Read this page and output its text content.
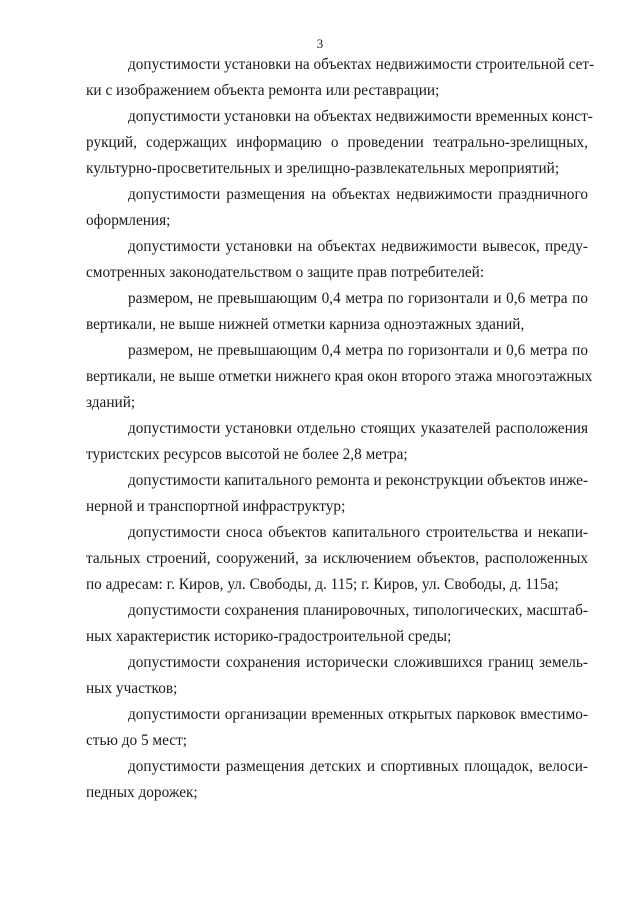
3
допустимости установки на объектах недвижимости строительной сет-
ки с изображением объекта ремонта или реставрации;
допустимости установки на объектах недвижимости временных конст-
рукций, содержащих информацию о проведении театрально-зрелищных,
культурно-просветительных и зрелищно-развлекательных мероприятий;
допустимости размещения на объектах недвижимости праздничного
оформления;
допустимости установки на объектах недвижимости вывесок, преду-
смотренных законодательством о защите прав потребителей:
размером, не превышающим 0,4 метра по горизонтали и 0,6 метра по
вертикали, не выше нижней отметки карниза одноэтажных зданий,
размером, не превышающим 0,4 метра по горизонтали и 0,6 метра по
вертикали, не выше отметки нижнего края окон второго этажа многоэтажных
зданий;
допустимости установки отдельно стоящих указателей расположения
туристских ресурсов высотой не более 2,8 метра;
допустимости капитального ремонта и реконструкции объектов инже-
нерной и транспортной инфраструктур;
допустимости сноса объектов капитального строительства и некапи-
тальных строений, сооружений, за исключением объектов, расположенных
по адресам: г. Киров, ул. Свободы, д. 115; г. Киров, ул. Свободы, д. 115а;
допустимости сохранения планировочных, типологических, масштаб-
ных характеристик историко-градостроительной среды;
допустимости сохранения исторически сложившихся границ земель-
ных участков;
допустимости организации временных открытых парковок вместимо-
стью до 5 мест;
допустимости размещения детских и спортивных площадок, велоси-
педных дорожек;
